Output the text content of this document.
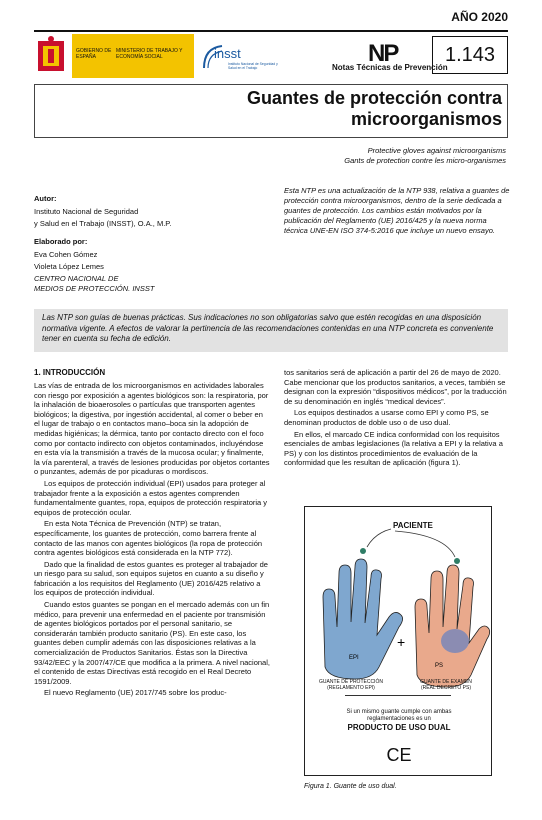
AÑO 2020
GOBIERNO DE ESPAÑA
MINISTERIO DE TRABAJO Y ECONOMÍA SOCIAL	insst
Instituto Nacional de Seguridad y Salud en el Trabajo
NP
Notas Técnicas de Prevención
1.143
Guantes de protección contra
microorganismos
Protective gloves against microorganisms
Gants de protection contre les micro-organismes

Autor:

Instituto Nacional de Seguridad

y Salud en el Trabajo (INSST), O.A., M.P.

Elaborado por:

Eva Cohen Gómez

Violeta López Lemes

CENTRO NACIONAL DE

MEDIOS DE PROTECCIÓN. INSST

Esta NTP es una actualización de la NTP 938, relativa a guantes de protección contra microorganismos, dentro de la serie dedicada a guantes de protección. Los cambios están motivados por la publicación del Reglamento (UE) 2016/425 y la nueva norma técnica UNE-EN ISO 374-5:2016 que incluye un nuevo ensayo.
Las NTP son guías de buenas prácticas. Sus indicaciones no son obligatorias salvo que estén recogidas en una disposición normativa vigente. A efectos de valorar la pertinencia de las recomendaciones contenidas en una NTP concreta es conveniente tener en cuenta su fecha de edición.
1. INTRODUCCIÓN

Las vías de entrada de los microorganismos en actividades laborales con riesgo por exposición a agentes biológicos son: la respiratoria, por la inhalación de bioaerosoles o partículas que transporten agentes biológicos; la digestiva, por ingestión accidental, al comer o beber en el lugar de trabajo o en contactos mano–boca sin la adopción de medidas higiénicas; la dérmica, tanto por contacto directo con el foco como por contacto indirecto con objetos contaminados, incluyéndose en esta vía la transmisión a través de la mucosa ocular; y finalmente, la vía parenteral, a través de lesiones producidas por objetos cortantes o punzantes, además de por picaduras o mordiscos.

Los equipos de protección individual (EPI) usados para proteger al trabajador frente a la exposición a estos agentes comprenden fundamentalmente guantes, ropa, equipos de protección respiratoria y equipos de protección ocular.

En esta Nota Técnica de Prevención (NTP) se tratan, específicamente, los guantes de protección, como barrera frente al contacto de las manos con agentes biológicos (la ropa de protección contra agentes biológicos está considerada en la NTP 772).

Dado que la finalidad de estos guantes es proteger al trabajador de un riesgo para su salud, son equipos sujetos en cuanto a su diseño y fabricación a los requisitos del Reglamento (UE) 2016/425 relativo a los equipos de protección individual.

Cuando estos guantes se pongan en el mercado además con un fin médico, para prevenir una enfermedad en el paciente por transmisión de agentes biológicos portados por el personal sanitario, se considerarán también producto sanitario (PS). En este caso, los guantes deben cumplir además con las disposiciones relativas a la comercialización de Productos Sanitarios. Éstas son la Directiva 93/42/EEC y la 2007/47/CE que modifica a la primera. A nivel nacional, el contenido de estas Directivas está recogido en el Real Decreto 1591/2009.

El nuevo Reglamento (UE) 2017/745 sobre los produc-

tos sanitarios será de aplicación a partir del 26 de mayo de 2020. Cabe mencionar que los productos sanitarios, a veces, también se designan con la expresión “dispositivos médicos”, por la traducción de su denominación en inglés “medical devices”.

Los equipos destinados a usarse como EPI y como PS, se denominan productos de doble uso o de uso dual.

En ellos, el marcado CE indica conformidad con los requisitos esenciales de ambas legislaciones (la relativa a EPI y la relativa a PS) y con los distintos procedimientos de evaluación de la conformidad que les resultan de aplicación (figura 1).

PACIENTE
+
EPI
PS
GUANTE DE PROTECCIÓN
(REGLAMENTO EPI)
GUANTE DE EXAMEN
(REAL DECRETO PS)
Si un mismo guante cumple con ambas
reglamentaciones es un
PRODUCTO DE USO DUAL
CE
Figura 1. Guante de uso dual.
